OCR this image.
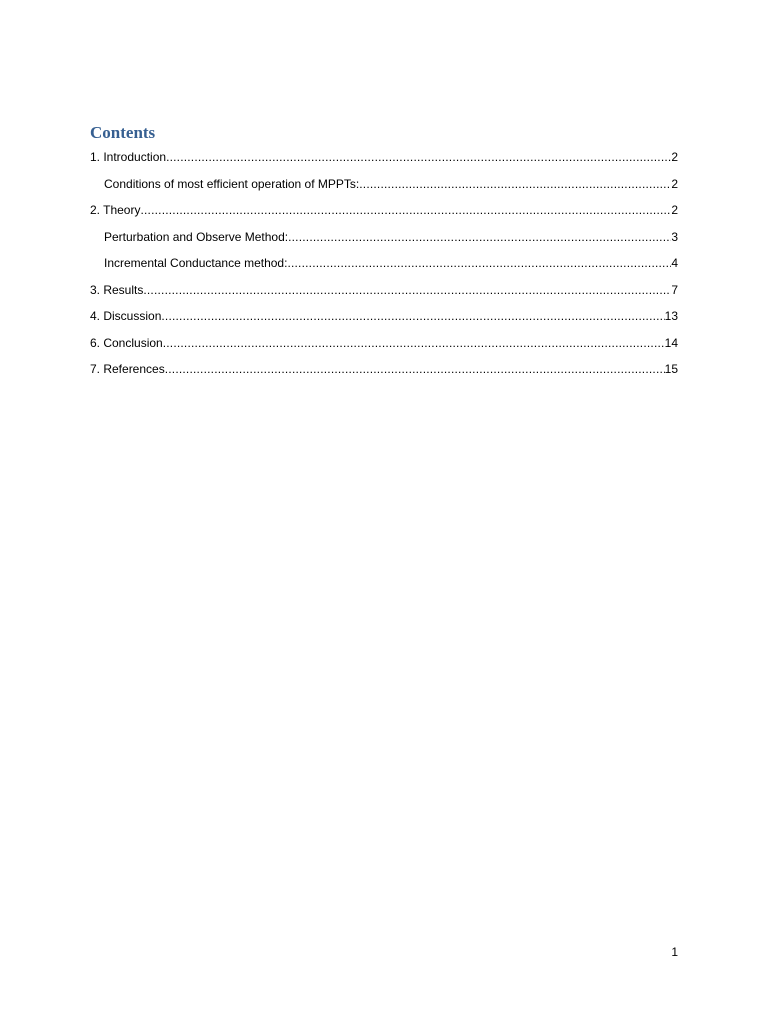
Contents
1. Introduction .....	2
Conditions of most efficient operation of MPPTs: .....	2
2. Theory .....	2
Perturbation and Observe Method: .....	3
Incremental Conductance method: .....	4
3. Results .....	7
4. Discussion .....	13
6. Conclusion .....	14
7. References .....	15
1
